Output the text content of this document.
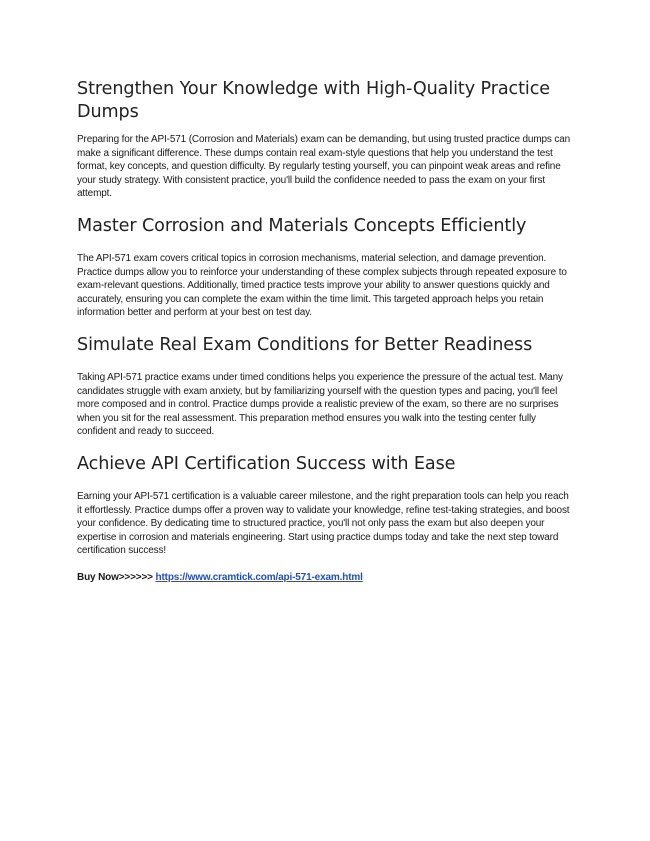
Strengthen Your Knowledge with High-Quality Practice Dumps

Preparing for the API-571 (Corrosion and Materials) exam can be demanding, but using trusted practice dumps can make a significant difference. These dumps contain real exam-style questions that help you understand the test format, key concepts, and question difficulty. By regularly testing yourself, you can pinpoint weak areas and refine your study strategy. With consistent practice, you'll build the confidence needed to pass the exam on your first attempt.

Master Corrosion and Materials Concepts Efficiently

The API-571 exam covers critical topics in corrosion mechanisms, material selection, and damage prevention. Practice dumps allow you to reinforce your understanding of these complex subjects through repeated exposure to exam-relevant questions. Additionally, timed practice tests improve your ability to answer questions quickly and accurately, ensuring you can complete the exam within the time limit. This targeted approach helps you retain information better and perform at your best on test day.

Simulate Real Exam Conditions for Better Readiness

Taking API-571 practice exams under timed conditions helps you experience the pressure of the actual test. Many candidates struggle with exam anxiety, but by familiarizing yourself with the question types and pacing, you'll feel more composed and in control. Practice dumps provide a realistic preview of the exam, so there are no surprises when you sit for the real assessment. This preparation method ensures you walk into the testing center fully confident and ready to succeed.

Achieve API Certification Success with Ease

Earning your API-571 certification is a valuable career milestone, and the right preparation tools can help you reach it effortlessly. Practice dumps offer a proven way to validate your knowledge, refine test-taking strategies, and boost your confidence. By dedicating time to structured practice, you'll not only pass the exam but also deepen your expertise in corrosion and materials engineering. Start using practice dumps today and take the next step toward certification success!

Buy Now>>>>>> https://www.cramtick.com/api-571-exam.html
